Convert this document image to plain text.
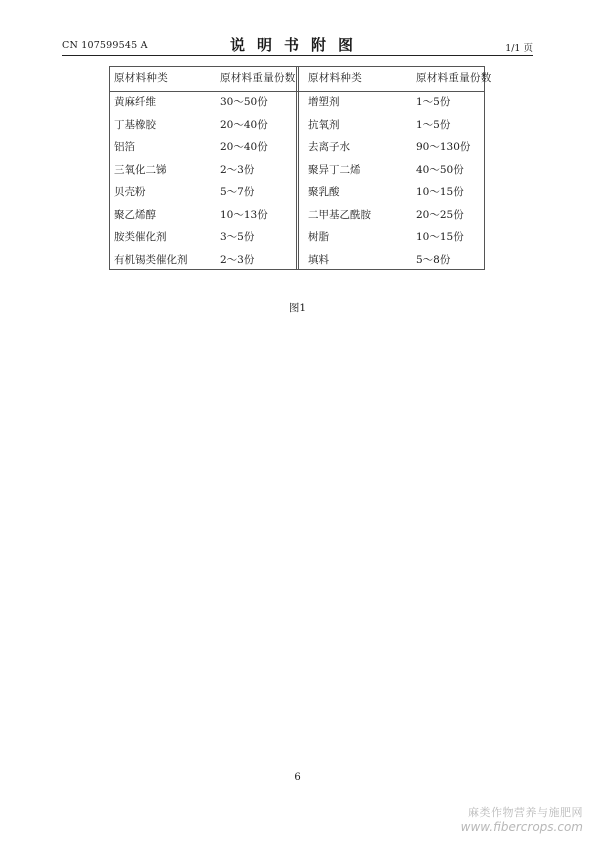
CN 107599545 A	说明书附图	1/1 页
原材料种类	原材料重量份数 原材料种类	原材料重量份数
黄麻纤维	30～50份	增塑剂	1～5份
丁基橡胶	20～40份	抗氧剂	1～5份
铝箔	20～40份	去离子水	90～130份
三氧化二锑	2～3份	聚异丁二烯	40～50份
贝壳粉	5～7份	聚乳酸	10～15份
聚乙烯醇	10～13份	二甲基乙酰胺	20～25份
胺类催化剂	3～5份	树脂	10～15份
有机锡类催化剂	2～3份	填料	5～8份
图1
6
麻类作物营养与施肥网
www.fibercrops.com
